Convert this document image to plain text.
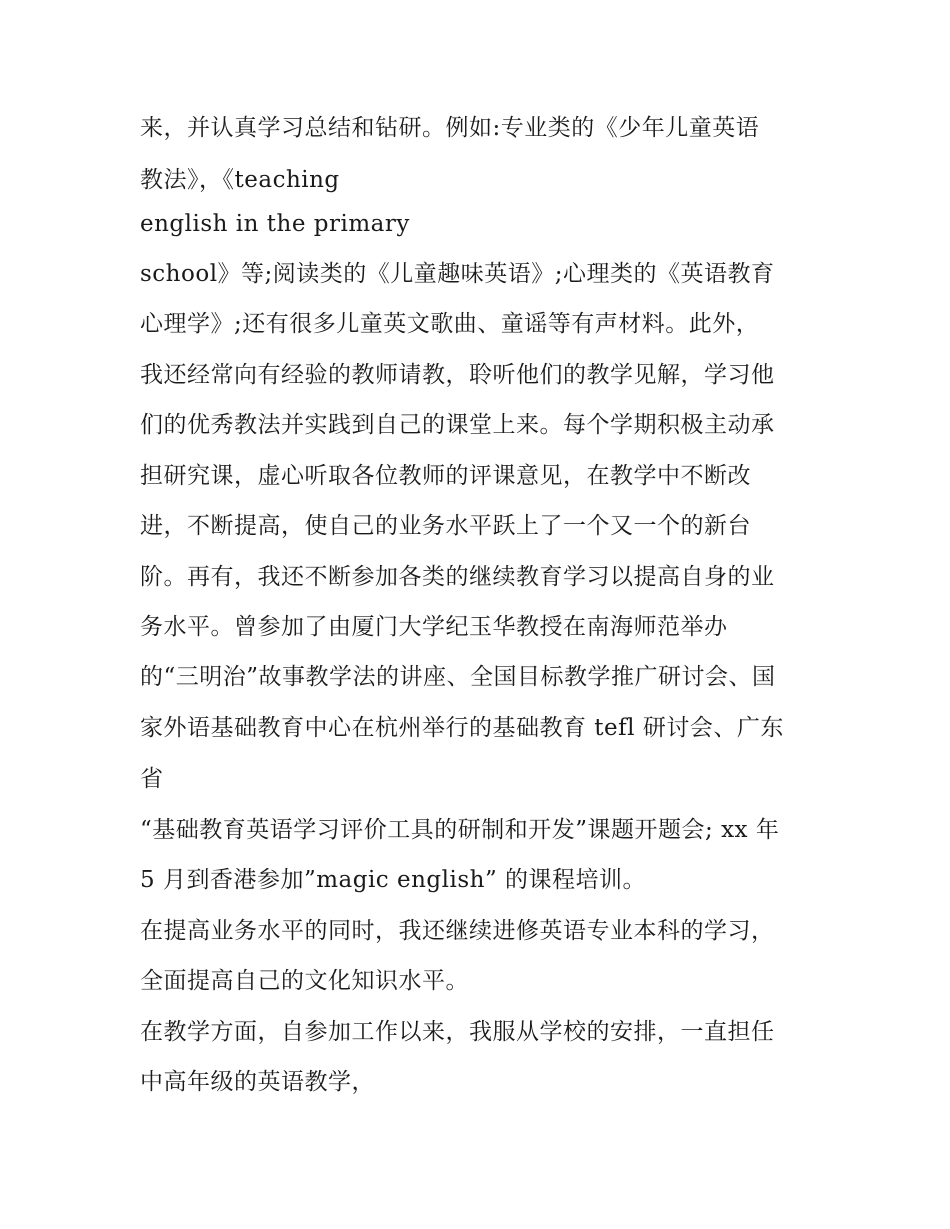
来，并认真学习总结和钻研。例如:专业类的《少年儿童英语
教法》，《teaching
english in the primary
school》等;阅读类的《儿童趣味英语》;心理类的《英语教育
心理学》;还有很多儿童英文歌曲、童谣等有声材料。此外，
我还经常向有经验的教师请教，聆听他们的教学见解，学习他
们的优秀教法并实践到自己的课堂上来。每个学期积极主动承
担研究课，虚心听取各位教师的评课意见，在教学中不断改
进，不断提高，使自己的业务水平跃上了一个又一个的新台
阶。再有，我还不断参加各类的继续教育学习以提高自身的业
务水平。曾参加了由厦门大学纪玉华教授在南海师范举办
的“三明治”故事教学法的讲座、全国目标教学推广研讨会、国
家外语基础教育中心在杭州举行的基础教育 tefl 研讨会、广东
省
“基础教育英语学习评价工具的研制和开发”课题开题会; xx 年
5 月到香港参加”magic english” 的课程培训。
在提高业务水平的同时，我还继续进修英语专业本科的学习，
全面提高自己的文化知识水平。
在教学方面，自参加工作以来，我服从学校的安排，一直担任
中高年级的英语教学，
